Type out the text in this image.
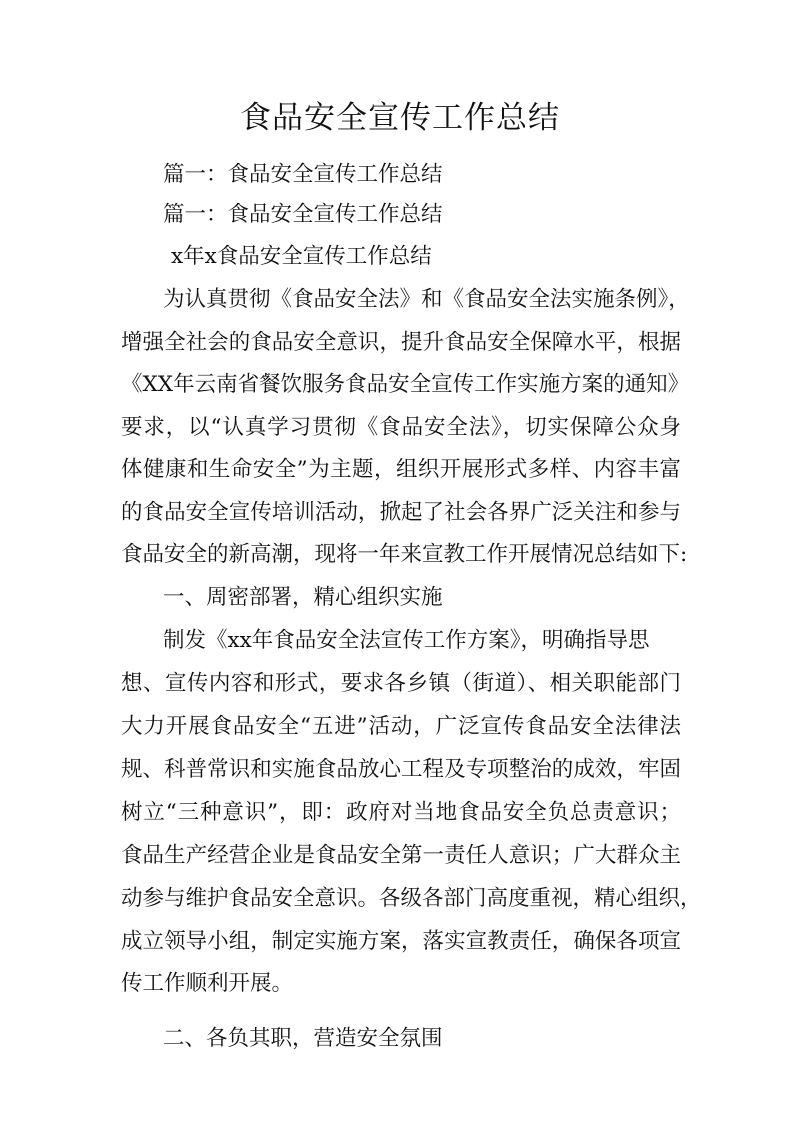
食品安全宣传工作总结
篇一：食品安全宣传工作总结
篇一：食品安全宣传工作总结
x年x食品安全宣传工作总结
为认真贯彻《食品安全法》和《食品安全法实施条例》，
增强全社会的食品安全意识，提升食品安全保障水平，根据
《XX年云南省餐饮服务食品安全宣传工作实施方案的通知》
要求，以“认真学习贯彻《食品安全法》，切实保障公众身
体健康和生命安全”为主题，组织开展形式多样、内容丰富
的食品安全宣传培训活动，掀起了社会各界广泛关注和参与
食品安全的新高潮，现将一年来宣教工作开展情况总结如下:
一、周密部署，精心组织实施
制发《xx年食品安全法宣传工作方案》，明确指导思
想、宣传内容和形式，要求各乡镇（街道）、相关职能部门
大力开展食品安全“五进”活动，广泛宣传食品安全法律法
规、科普常识和实施食品放心工程及专项整治的成效，牢固
树立“三种意识”，即：政府对当地食品安全负总责意识；
食品生产经营企业是食品安全第一责任人意识；广大群众主
动参与维护食品安全意识。各级各部门高度重视，精心组织，
成立领导小组，制定实施方案，落实宣教责任，确保各项宣
传工作顺利开展。
二、各负其职，营造安全氛围
